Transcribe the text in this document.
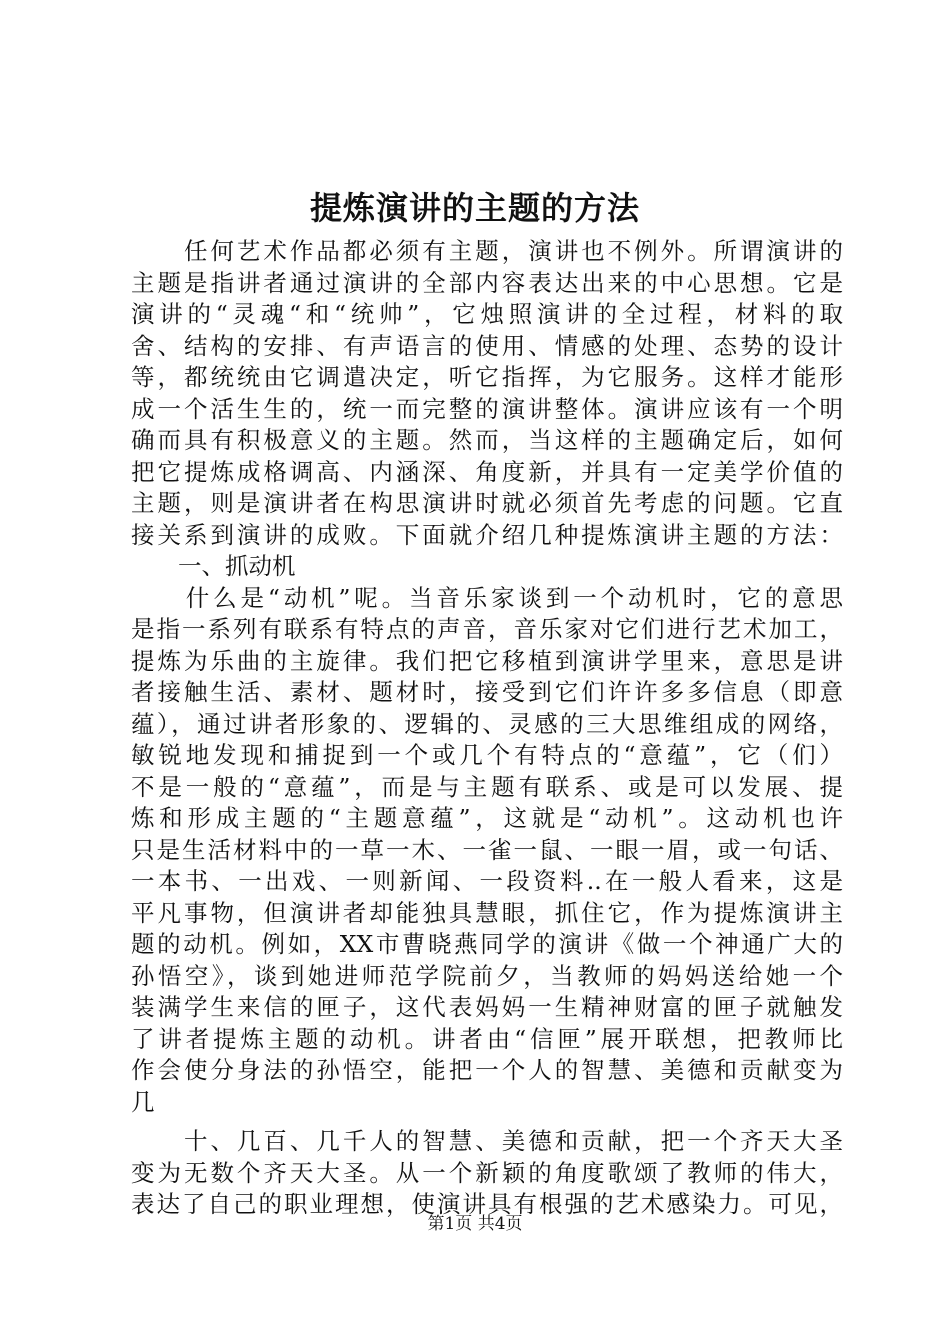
提炼演讲的主题的方法
　　任何艺术作品都必须有主题，演讲也不例外。所谓演讲的
主题是指讲者通过演讲的全部内容表达出来的中心思想。它是
演讲的“灵魂“和“统帅”，它烛照演讲的全过程，材料的取
舍、结构的安排、有声语言的使用、情感的处理、态势的设计
等，都统统由它调遣决定，听它指挥，为它服务。这样才能形
成一个活生生的，统一而完整的演讲整体。演讲应该有一个明
确而具有积极意义的主题。然而，当这样的主题确定后，如何
把它提炼成格调高、内涵深、角度新，并具有一定美学价值的
主题，则是演讲者在构思演讲时就必须首先考虑的问题。它直
接关系到演讲的成败。下面就介绍几种提炼演讲主题的方法：
　　一、抓动机
　　什么是“动机”呢。当音乐家谈到一个动机时，它的意思
是指一系列有联系有特点的声音，音乐家对它们进行艺术加工，
提炼为乐曲的主旋律。我们把它移植到演讲学里来，意思是讲
者接触生活、素材、题材时，接受到它们许许多多信息（即意
蕴），通过讲者形象的、逻辑的、灵感的三大思维组成的网络，
敏锐地发现和捕捉到一个或几个有特点的“意蕴”，它（们）
不是一般的“意蕴”，而是与主题有联系、或是可以发展、提
炼和形成主题的“主题意蕴”，这就是“动机”。这动机也许
只是生活材料中的一草一木、一雀一鼠、一眼一眉，或一句话、
一本书、一出戏、一则新闻、一段资料..在一般人看来，这是
平凡事物，但演讲者却能独具慧眼，抓住它，作为提炼演讲主
题的动机。例如，XX市曹晓燕同学的演讲《做一个神通广大的
孙悟空》，谈到她进师范学院前夕，当教师的妈妈送给她一个
装满学生来信的匣子，这代表妈妈一生精神财富的匣子就触发
了讲者提炼主题的动机。讲者由“信匣”展开联想，把教师比
作会使分身法的孙悟空，能把一个人的智慧、美德和贡献变为
几
　　十、几百、几千人的智慧、美德和贡献，把一个齐天大圣
变为无数个齐天大圣。从一个新颖的角度歌颂了教师的伟大，
表达了自己的职业理想，使演讲具有根强的艺术感染力。可见，
第1页 共4页
